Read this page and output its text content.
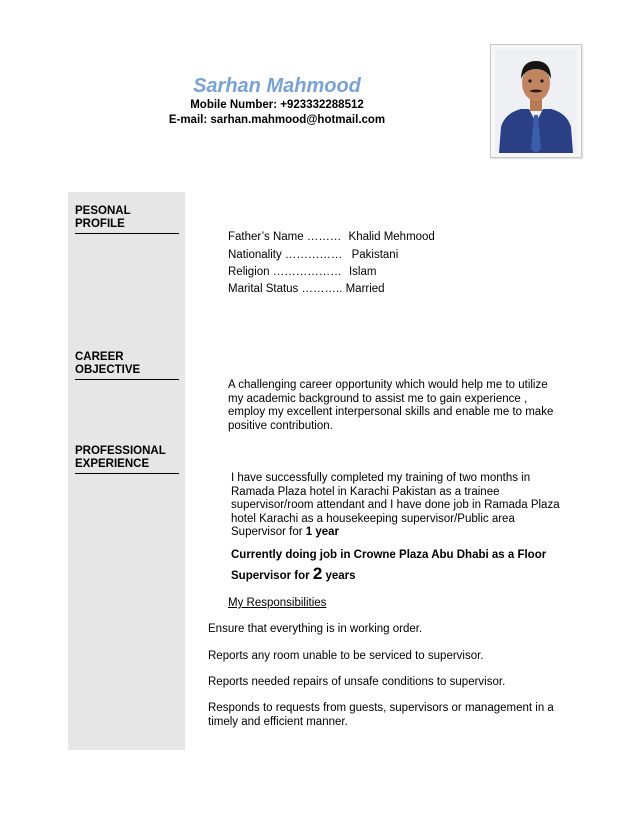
Sarhan Mahmood
Mobile Number: +923332288512
E-mail: sarhan.mahmood@hotmail.com
PESONAL
PROFILE
CAREER
OBJECTIVE
PROFESSIONAL
EXPERIENCE
Father’s Name ……… Khalid Mehmood
Nationality …………… Pakistani
Religion ……………… Islam
Marital Status ……….. Married
A challenging career opportunity which would help me to utilize
my academic background to assist me to gain experience ,
employ my excellent interpersonal skills and enable me to make
positive contribution.
I have successfully completed my training of two months in
Ramada Plaza hotel in Karachi Pakistan as a trainee
supervisor/room attendant and I have done job in Ramada Plaza
hotel Karachi as a housekeeping supervisor/Public area
Supervisor for 1 year
Currently doing job in Crowne Plaza Abu Dhabi as a Floor
Supervisor for 2 years
My Responsibilities
Ensure that everything is in working order.
Reports any room unable to be serviced to supervisor.
Reports needed repairs of unsafe conditions to supervisor.
Responds to requests from guests, supervisors or management in a
timely and efficient manner.
